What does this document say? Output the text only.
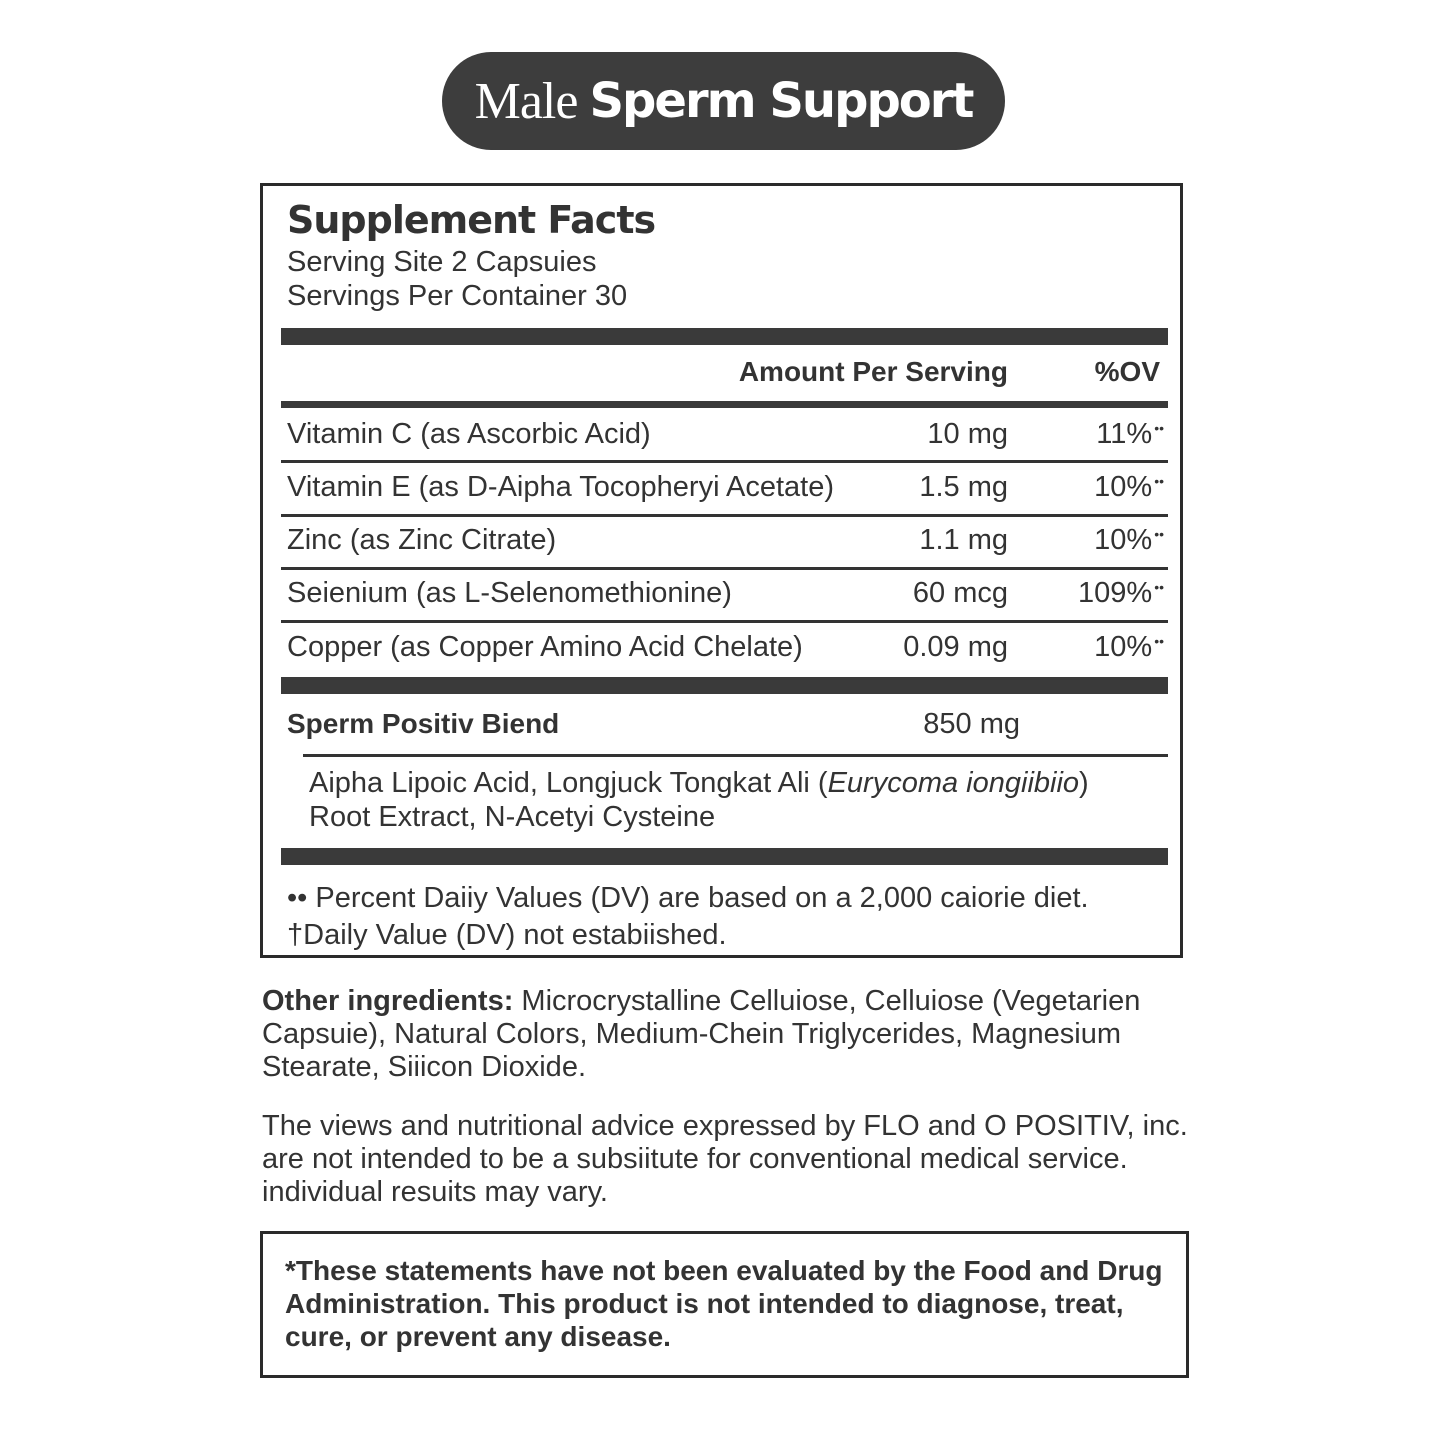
Male Sperm Support
Supplement Facts
Serving Site 2 Capsuies
Servings Per Container 30
Amount Per Serving	%OV
Vitamin C (as Ascorbic Acid)	10 mg	11% ••
Vitamin E (as D-Aipha Tocopheryi Acetate)	1.5 mg	10% ••
Zinc (as Zinc Citrate)	1.1 mg	10% ••
Seienium (as L-Selenomethionine)	60 mcg 109% ••
Copper (as Copper Amino Acid Chelate)	0.09 mg	10% ••
Sperm Positiv Biend	850 mg
Aipha Lipoic Acid, Longjuck Tongkat Ali (Eurycoma iongiibiio)
Root Extract, N-Acetyi Cysteine
•• Percent Daiiy Values (DV) are based on a 2,000 caiorie diet.
†Daily Value (DV) not estabiished.
Other ingredients: Microcrystalline Celluiose, Celluiose (Vegetarien Capsuie), Natural Colors, Medium-Chein Triglycerides, Magnesium Stearate, Siiicon Dioxide.
The views and nutritional advice expressed by FLO and O POSITIV, inc. are not intended to be a subsiitute for conventional medical service. individual resuits may vary.
*These statements have not been evaluated by the Food and Drug Administration. This product is not intended to diagnose, treat, cure, or prevent any disease.
